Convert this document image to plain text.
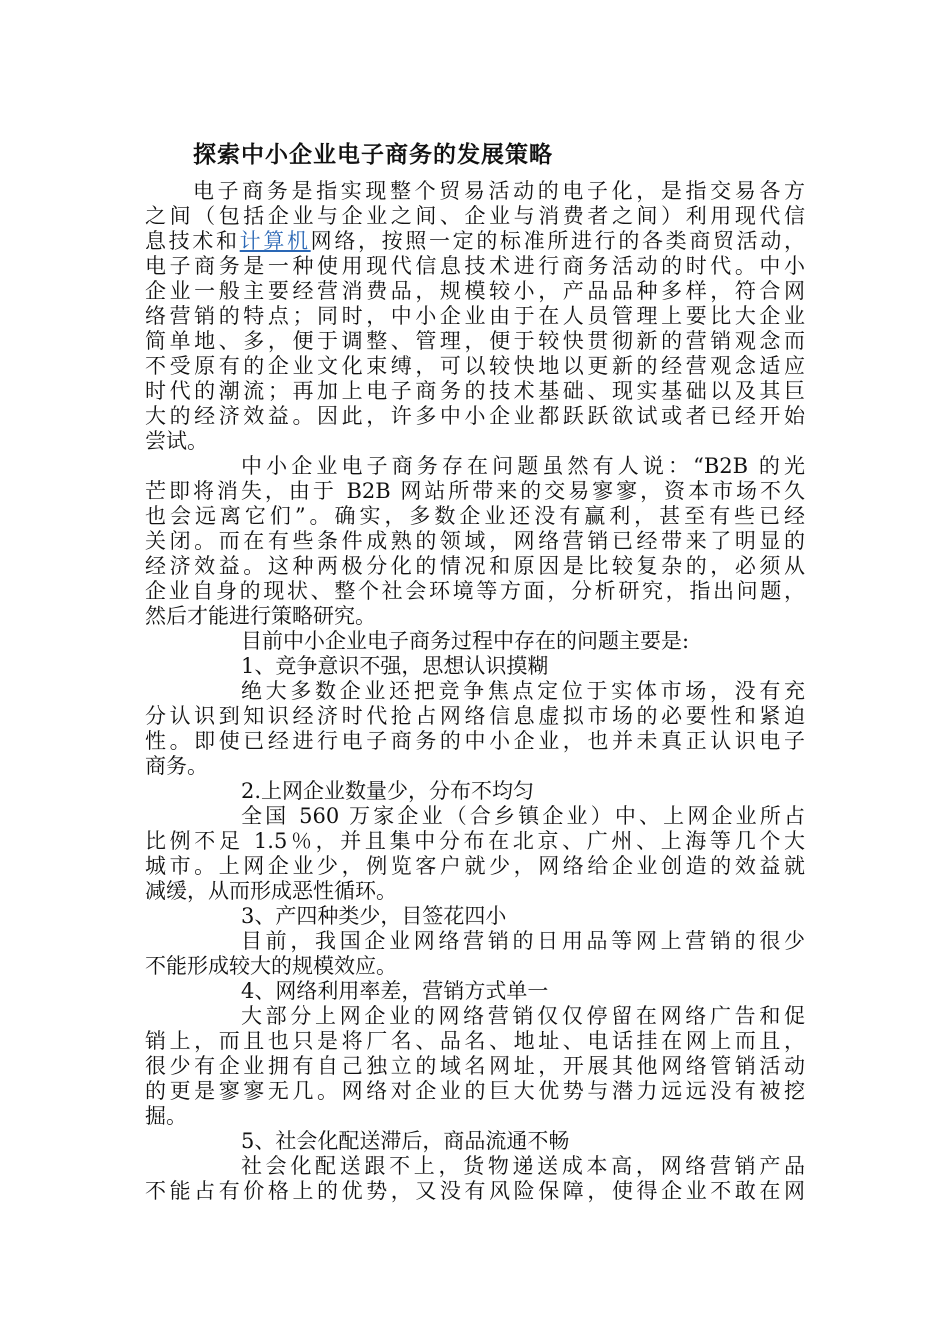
探索中小企业电子商务的发展策略
电子商务是指实现整个贸易活动的电子化，是指交易各方
之间（包括企业与企业之间、企业与消费者之间）利用现代信
息技术和计算机网络，按照一定的标准所进行的各类商贸活动，
电子商务是一种使用现代信息技术进行商务活动的时代。中小
企业一般主要经营消费品，规模较小，产品品种多样，符合网
络营销的特点；同时，中小企业由于在人员管理上要比大企业
简单地、多，便于调整、管理，便于较快贯彻新的营销观念而
不受原有的企业文化束缚，可以较快地以更新的经营观念适应
时代的潮流；再加上电子商务的技术基础、现实基础以及其巨
大的经济效益。因此，许多中小企业都跃跃欲试或者已经开始
尝试。
中小企业电子商务存在问题虽然有人说：“B2B 的光
芒即将消失，由于 B2B 网站所带来的交易寥寥，资本市场不久
也会远离它们”。确实，多数企业还没有赢利，甚至有些已经
关闭。而在有些条件成熟的领域，网络营销已经带来了明显的
经济效益。这种两极分化的情况和原因是比较复杂的，必须从
企业自身的现状、整个社会环境等方面，分析研究，指出问题，
然后才能进行策略研究。
目前中小企业电子商务过程中存在的问题主要是:
1、竞争意识不强，思想认识摸糊
绝大多数企业还把竞争焦点定位于实体市场，没有充
分认识到知识经济时代抢占网络信息虚拟市场的必要性和紧迫
性。即使已经进行电子商务的中小企业，也并未真正认识电子
商务。
2.上网企业数量少，分布不均匀
全国 560 万家企业（合乡镇企业）中、上网企业所占
比例不足 1.5％，并且集中分布在北京、广州、上海等几个大
城市。上网企业少，例览客户就少，网络给企业创造的效益就
减缓，从而形成恶性循环。
3、产四种类少，目签花四小
目前，我国企业网络营销的日用品等网上营销的很少
不能形成较大的规模效应。
4、网络利用率差，营销方式单一
大部分上网企业的网络营销仅仅停留在网络广告和促
销上，而且也只是将厂名、品名、地址、电话挂在网上而且，
很少有企业拥有自己独立的域名网址，开展其他网络管销活动
的更是寥寥无几。网络对企业的巨大优势与潜力远远没有被挖
掘。
5、社会化配送滞后，商品流通不畅
社会化配送跟不上，货物递送成本高，网络营销产品
不能占有价格上的优势，又没有风险保障，使得企业不敢在网
